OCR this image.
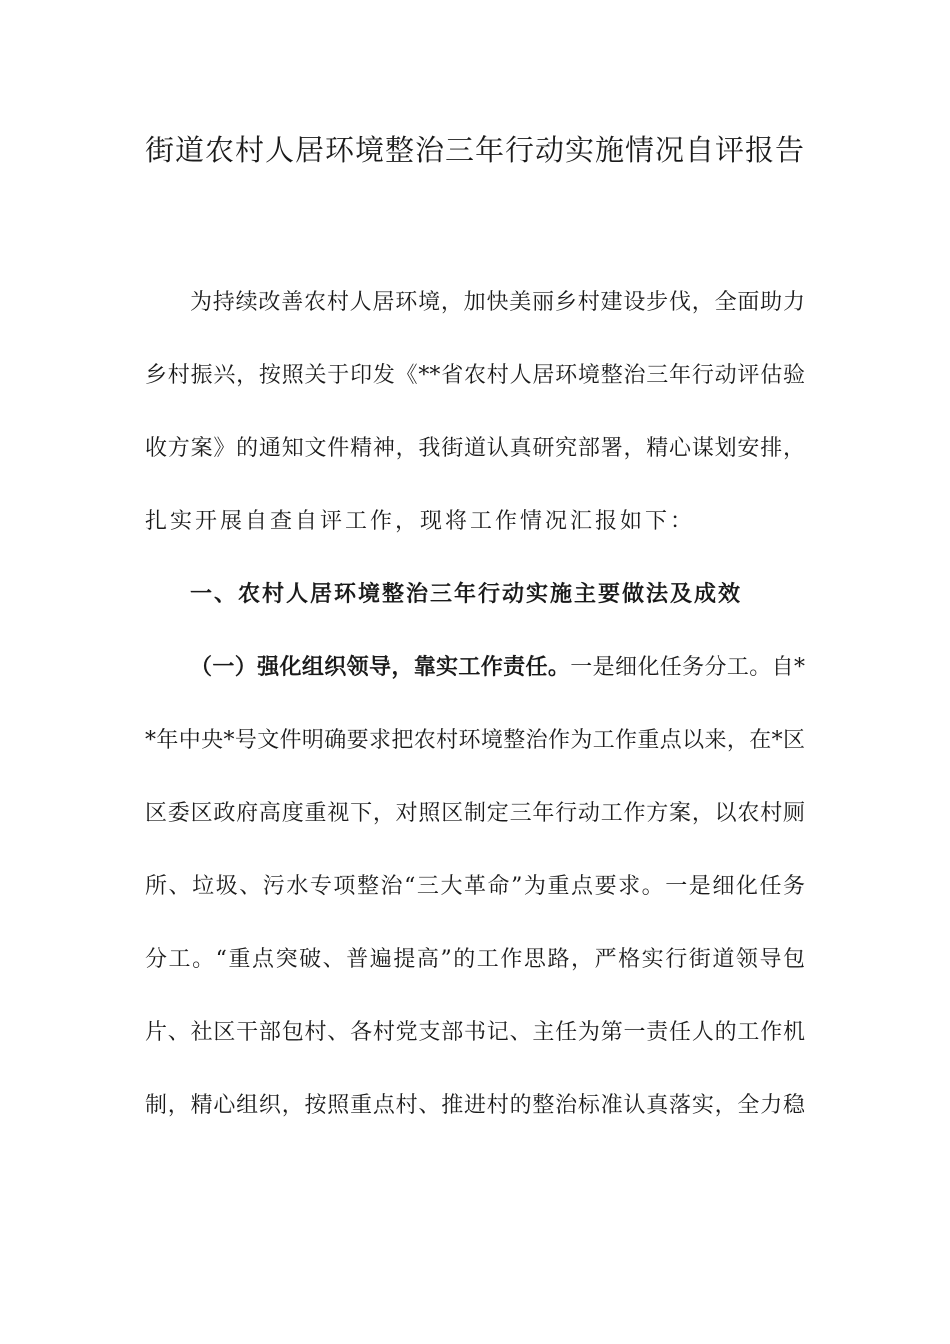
街道农村人居环境整治三年行动实施情况自评报告

为持续改善农村人居环境，加快美丽乡村建设步伐，全面助力

乡村振兴，按照关于印发《**省农村人居环境整治三年行动评估验

收方案》的通知文件精神，我街道认真研究部署，精心谋划安排，

扎实开展自查自评工作，现将工作情况汇报如下：

一、农村人居环境整治三年行动实施主要做法及成效

（一）强化组织领导，靠实工作责任。一是细化任务分工。自*

*年中央*号文件明确要求把农村环境整治作为工作重点以来，在*区

区委区政府高度重视下，对照区制定三年行动工作方案，以农村厕

所、垃圾、污水专项整治“三大革命”为重点要求。一是细化任务

分工。“重点突破、普遍提高”的工作思路，严格实行街道领导包

片、社区干部包村、各村党支部书记、主任为第一责任人的工作机

制，精心组织，按照重点村、推进村的整治标准认真落实，全力稳
